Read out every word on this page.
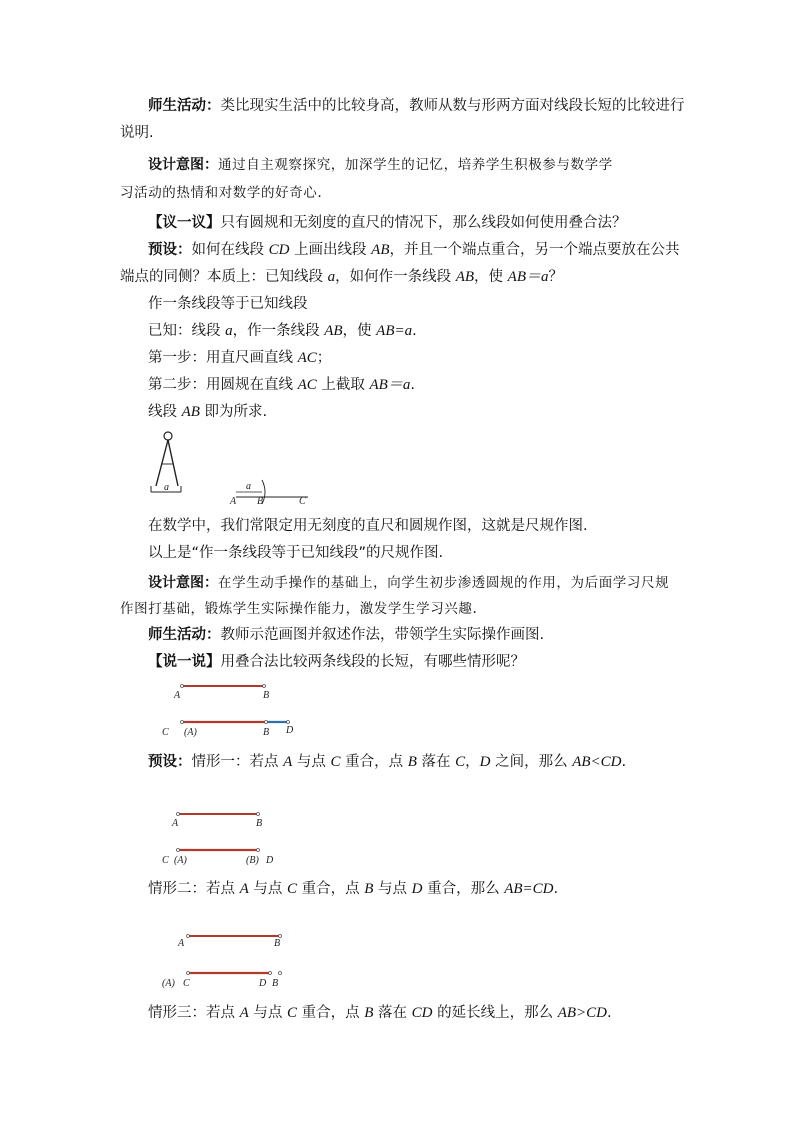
师生活动：类比现实生活中的比较身高，教师从数与形两方面对线段长短的比较进行
说明.
设计意图：通过自主观察探究，加深学生的记忆，培养学生积极参与数学学
习活动的热情和对数学的好奇心.
【议一议】只有圆规和无刻度的直尺的情况下，那么线段如何使用叠合法？
预设：如何在线段 CD 上画出线段 AB，并且一个端点重合，另一个端点要放在公共
端点的同侧？本质上：已知线段 a，如何作一条线段 AB，使 AB＝a？
作一条线段等于已知线段
已知：线段 a，作一条线段 AB，使 AB=a.
第一步：用直尺画直线 AC；
第二步：用圆规在直线 AC 上截取 AB＝a.
线段 AB 即为所求.
a	a
A B	C
在数学中，我们常限定用无刻度的直尺和圆规作图，这就是尺规作图.
以上是“作一条线段等于已知线段”的尺规作图.
设计意图：在学生动手操作的基础上，向学生初步渗透圆规的作用，为后面学习尺规
作图打基础，锻炼学生实际操作能力，激发学生学习兴趣.
师生活动：教师示范画图并叙述作法，带领学生实际操作画图.
【说一说】用叠合法比较两条线段的长短，有哪些情形呢？
A	B
C (A)	B D
预设：情形一：若点 A 与点 C 重合，点 B 落在 C，D 之间，那么 AB<CD.
A	B
C (A)	(B) D
情形二：若点 A 与点 C 重合，点 B 与点 D 重合，那么 AB=CD.
A	B
(A) C	D B
情形三：若点 A 与点 C 重合，点 B 落在 CD 的延长线上，那么 AB>CD.
